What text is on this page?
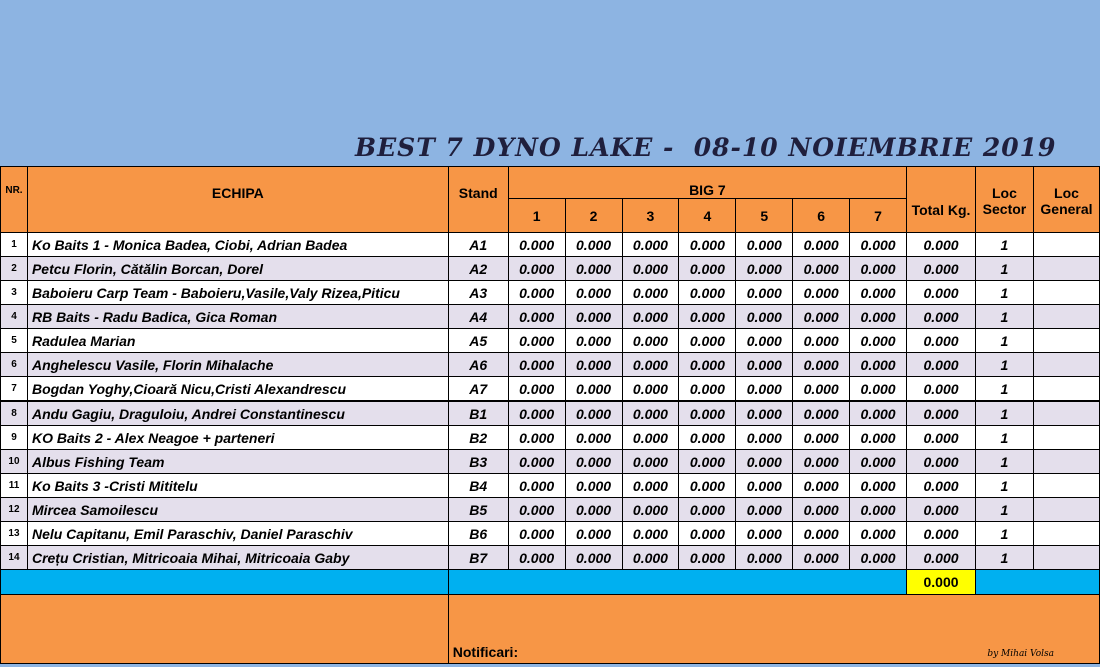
BEST 7 DYNO LAKE -  08-10 NOIEMBRIE 2019
NR.	ECHIPA	Stand	BIG 7							Total Kg.	Loc Sector	Loc General
			1	2	3	4	5	6	7			
1	Ko Baits 1 - Monica Badea, Ciobi, Adrian Badea	A1	0.000	0.000	0.000	0.000	0.000	0.000	0.000	0.000	1	
2	Petcu Florin, Cătălin Borcan, Dorel	A2	0.000	0.000	0.000	0.000	0.000	0.000	0.000	0.000	1	
3	Baboieru Carp Team - Baboieru,Vasile,Valy Rizea,Piticu	A3	0.000	0.000	0.000	0.000	0.000	0.000	0.000	0.000	1	
4	RB Baits - Radu Badica, Gica Roman	A4	0.000	0.000	0.000	0.000	0.000	0.000	0.000	0.000	1	
5	Radulea Marian	A5	0.000	0.000	0.000	0.000	0.000	0.000	0.000	0.000	1	
6	Anghelescu Vasile, Florin Mihalache	A6	0.000	0.000	0.000	0.000	0.000	0.000	0.000	0.000	1	
7	Bogdan Yoghy,Cioară Nicu,Cristi Alexandrescu	A7	0.000	0.000	0.000	0.000	0.000	0.000	0.000	0.000	1	
8	Andu Gagiu, Draguloiu, Andrei Constantinescu	B1	0.000	0.000	0.000	0.000	0.000	0.000	0.000	0.000	1	
9	KO Baits 2 - Alex Neagoe + parteneri	B2	0.000	0.000	0.000	0.000	0.000	0.000	0.000	0.000	1	
10	Albus Fishing Team	B3	0.000	0.000	0.000	0.000	0.000	0.000	0.000	0.000	1	
11	Ko Baits 3 -Cristi Mititelu	B4	0.000	0.000	0.000	0.000	0.000	0.000	0.000	0.000	1	
12	Mircea Samoilescu	B5	0.000	0.000	0.000	0.000	0.000	0.000	0.000	0.000	1	
13	Nelu Capitanu, Emil Paraschiv, Daniel Paraschiv	B6	0.000	0.000	0.000	0.000	0.000	0.000	0.000	0.000	1	
14	Crețu Cristian, Mitricoaia Mihai, Mitricoaia Gaby	B7	0.000	0.000	0.000	0.000	0.000	0.000	0.000	0.000	1	
										0.000		
		Notificari: by Mihai Volsa										
